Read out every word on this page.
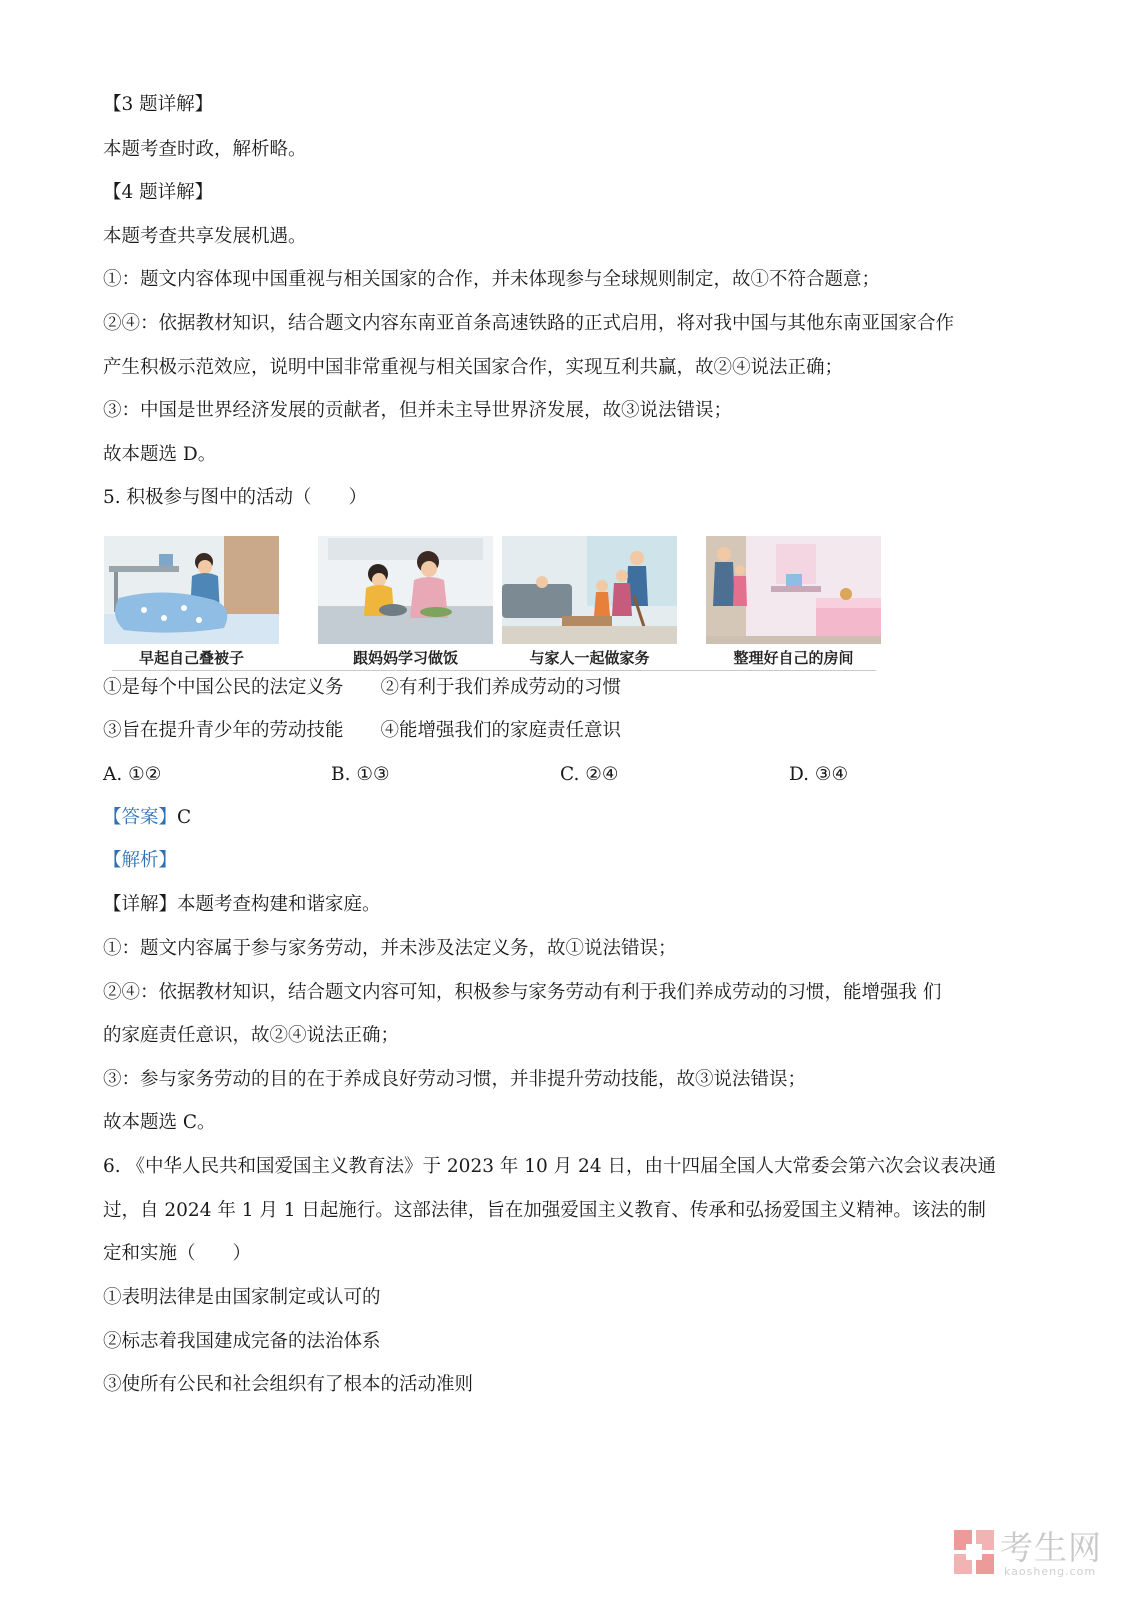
【3 题详解】
本题考查时政，解析略。
【4 题详解】
本题考查共享发展机遇。
①：题文内容体现中国重视与相关国家的合作，并未体现参与全球规则制定，故①不符合题意；
②④：依据教材知识，结合题文内容东南亚首条高速铁路的正式启用，将对我中国与其他东南亚国家合作
产生积极示范效应，说明中国非常重视与相关国家合作，实现互利共赢，故②④说法正确；
③：中国是世界经济发展的贡献者，但并未主导世界济发展，故③说法错误；
故本题选 D。
5. 积极参与图中的活动（　　）
早起自己叠被子	跟妈妈学习做饭	与家人一起做家务	整理好自己的房间
①是每个中国公民的法定义务　　②有利于我们养成劳动的习惯
③旨在提升青少年的劳动技能　　④能增强我们的家庭责任意识
A. ①②	B. ①③	C. ②④	D. ③④
【答案】C
【解析】
【详解】本题考查构建和谐家庭。
①：题文内容属于参与家务劳动，并未涉及法定义务，故①说法错误；
②④：依据教材知识，结合题文内容可知，积极参与家务劳动有利于我们养成劳动的习惯，能增强我 们
的家庭责任意识，故②④说法正确；
③：参与家务劳动的目的在于养成良好劳动习惯，并非提升劳动技能，故③说法错误；
故本题选 C。
6. 《中华人民共和国爱国主义教育法》于 2023 年 10 月 24 日，由十四届全国人大常委会第六次会议表决通
过，自 2024 年 1 月 1 日起施行。这部法律，旨在加强爱国主义教育、传承和弘扬爱国主义精神。该法的制
定和实施（　　）
①表明法律是由国家制定或认可的
②标志着我国建成完备的法治体系
③使所有公民和社会组织有了根本的活动准则
考生网
kaosheng.com
